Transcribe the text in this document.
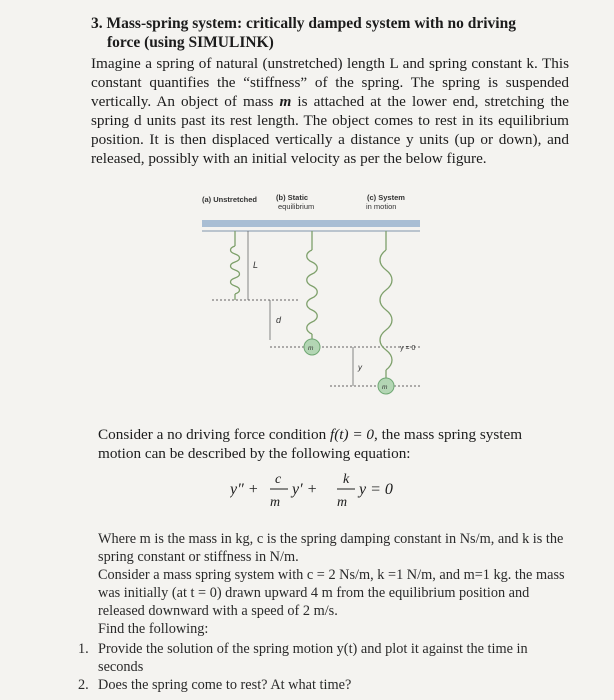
3. Mass-spring system: critically damped system with no driving
force (using SIMULINK)
Imagine a spring of natural (unstretched) length L and spring constant k. This constant quantifies the “stiffness” of the spring. The spring is suspended vertically. An object of mass m is attached at the lower end, stretching the spring d units past its rest length. The object comes to rest in its equilibrium position. It is then displaced vertically a distance y units (up or down), and released, possibly with an initial velocity as per the below figure.
(a) Unstretched	(b) Static
equilibrium
(c) System
in motion
L
d
m	y = 0
y
m
Consider a no driving force condition f(t) = 0, the mass spring system motion can be described by the following equation:
y″ +
c
m
y′ +
k
m
y = 0
Where m is the mass in kg, c is the spring damping constant in Ns/m, and k is the spring constant or stiffness in N/m.
Consider a mass spring system with c = 2 Ns/m, k =1 N/m, and m=1 kg. the mass was initially (at t = 0) drawn upward 4 m from the equilibrium position and released downward with a speed of 2 m/s.
Find the following:
1. Provide the solution of the spring motion y(t) and plot it against the time in seconds
2. Does the spring come to rest? At what time?
